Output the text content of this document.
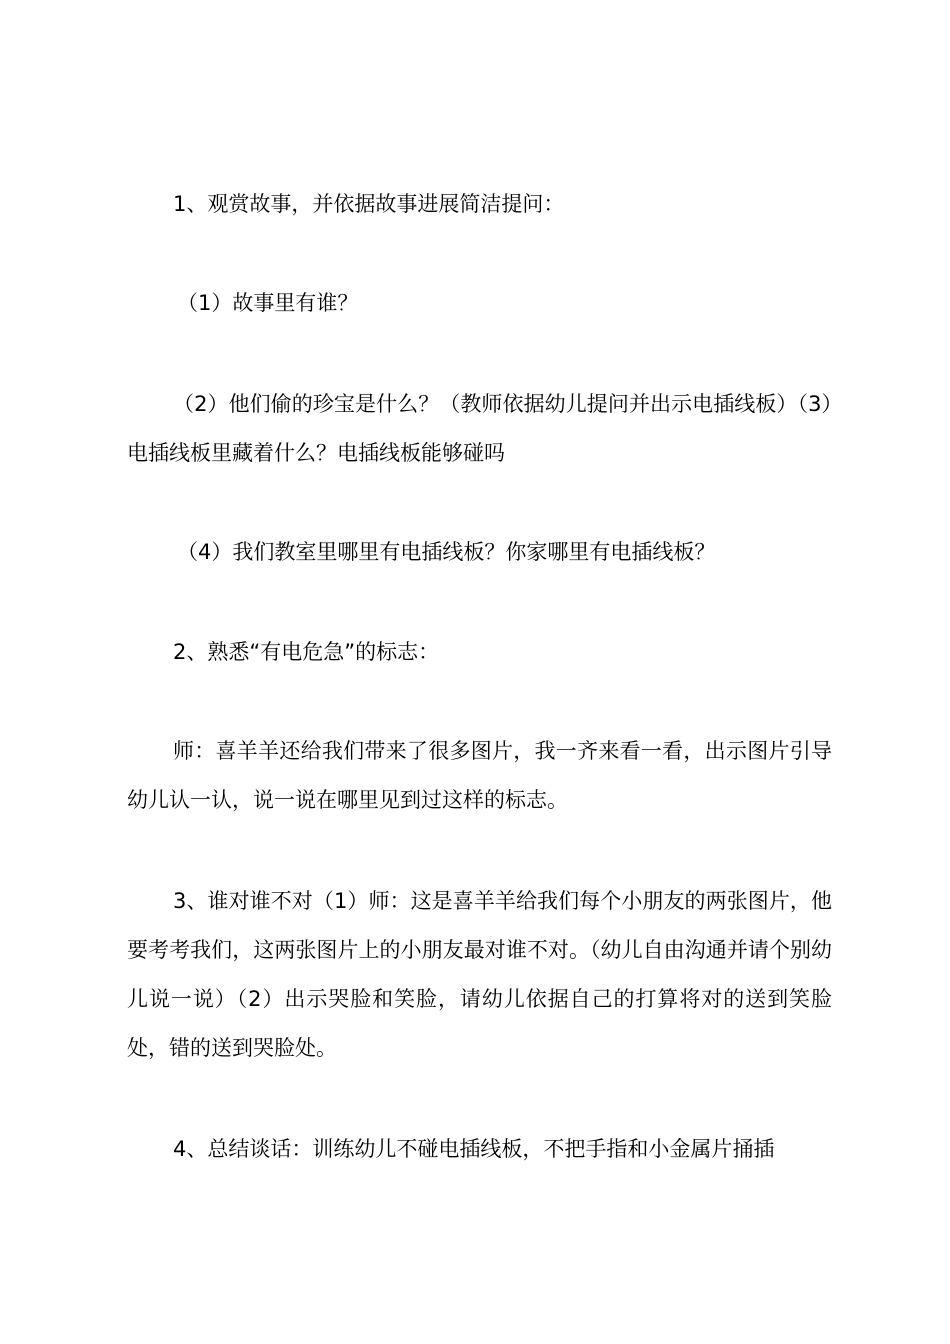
1、观赏故事，并依据故事进展简洁提问：

（1）故事里有谁？

（2）他们偷的珍宝是什么？（教师依据幼儿提问并出示电插线板）（3）电插线板里藏着什么？电插线板能够碰吗

（4）我们教室里哪里有电插线板？你家哪里有电插线板？

2、熟悉“有电危急”的标志：

师：喜羊羊还给我们带来了很多图片，我一齐来看一看，出示图片引导幼儿认一认，说一说在哪里见到过这样的标志。

3、谁对谁不对（1）师：这是喜羊羊给我们每个小朋友的两张图片，他要考考我们，这两张图片上的小朋友最对谁不对。（幼儿自由沟通并请个别幼儿说一说）（2）出示哭脸和笑脸，请幼儿依据自己的打算将对的送到笑脸处，错的送到哭脸处。

4、总结谈话：训练幼儿不碰电插线板，不把手指和小金属片捅插
